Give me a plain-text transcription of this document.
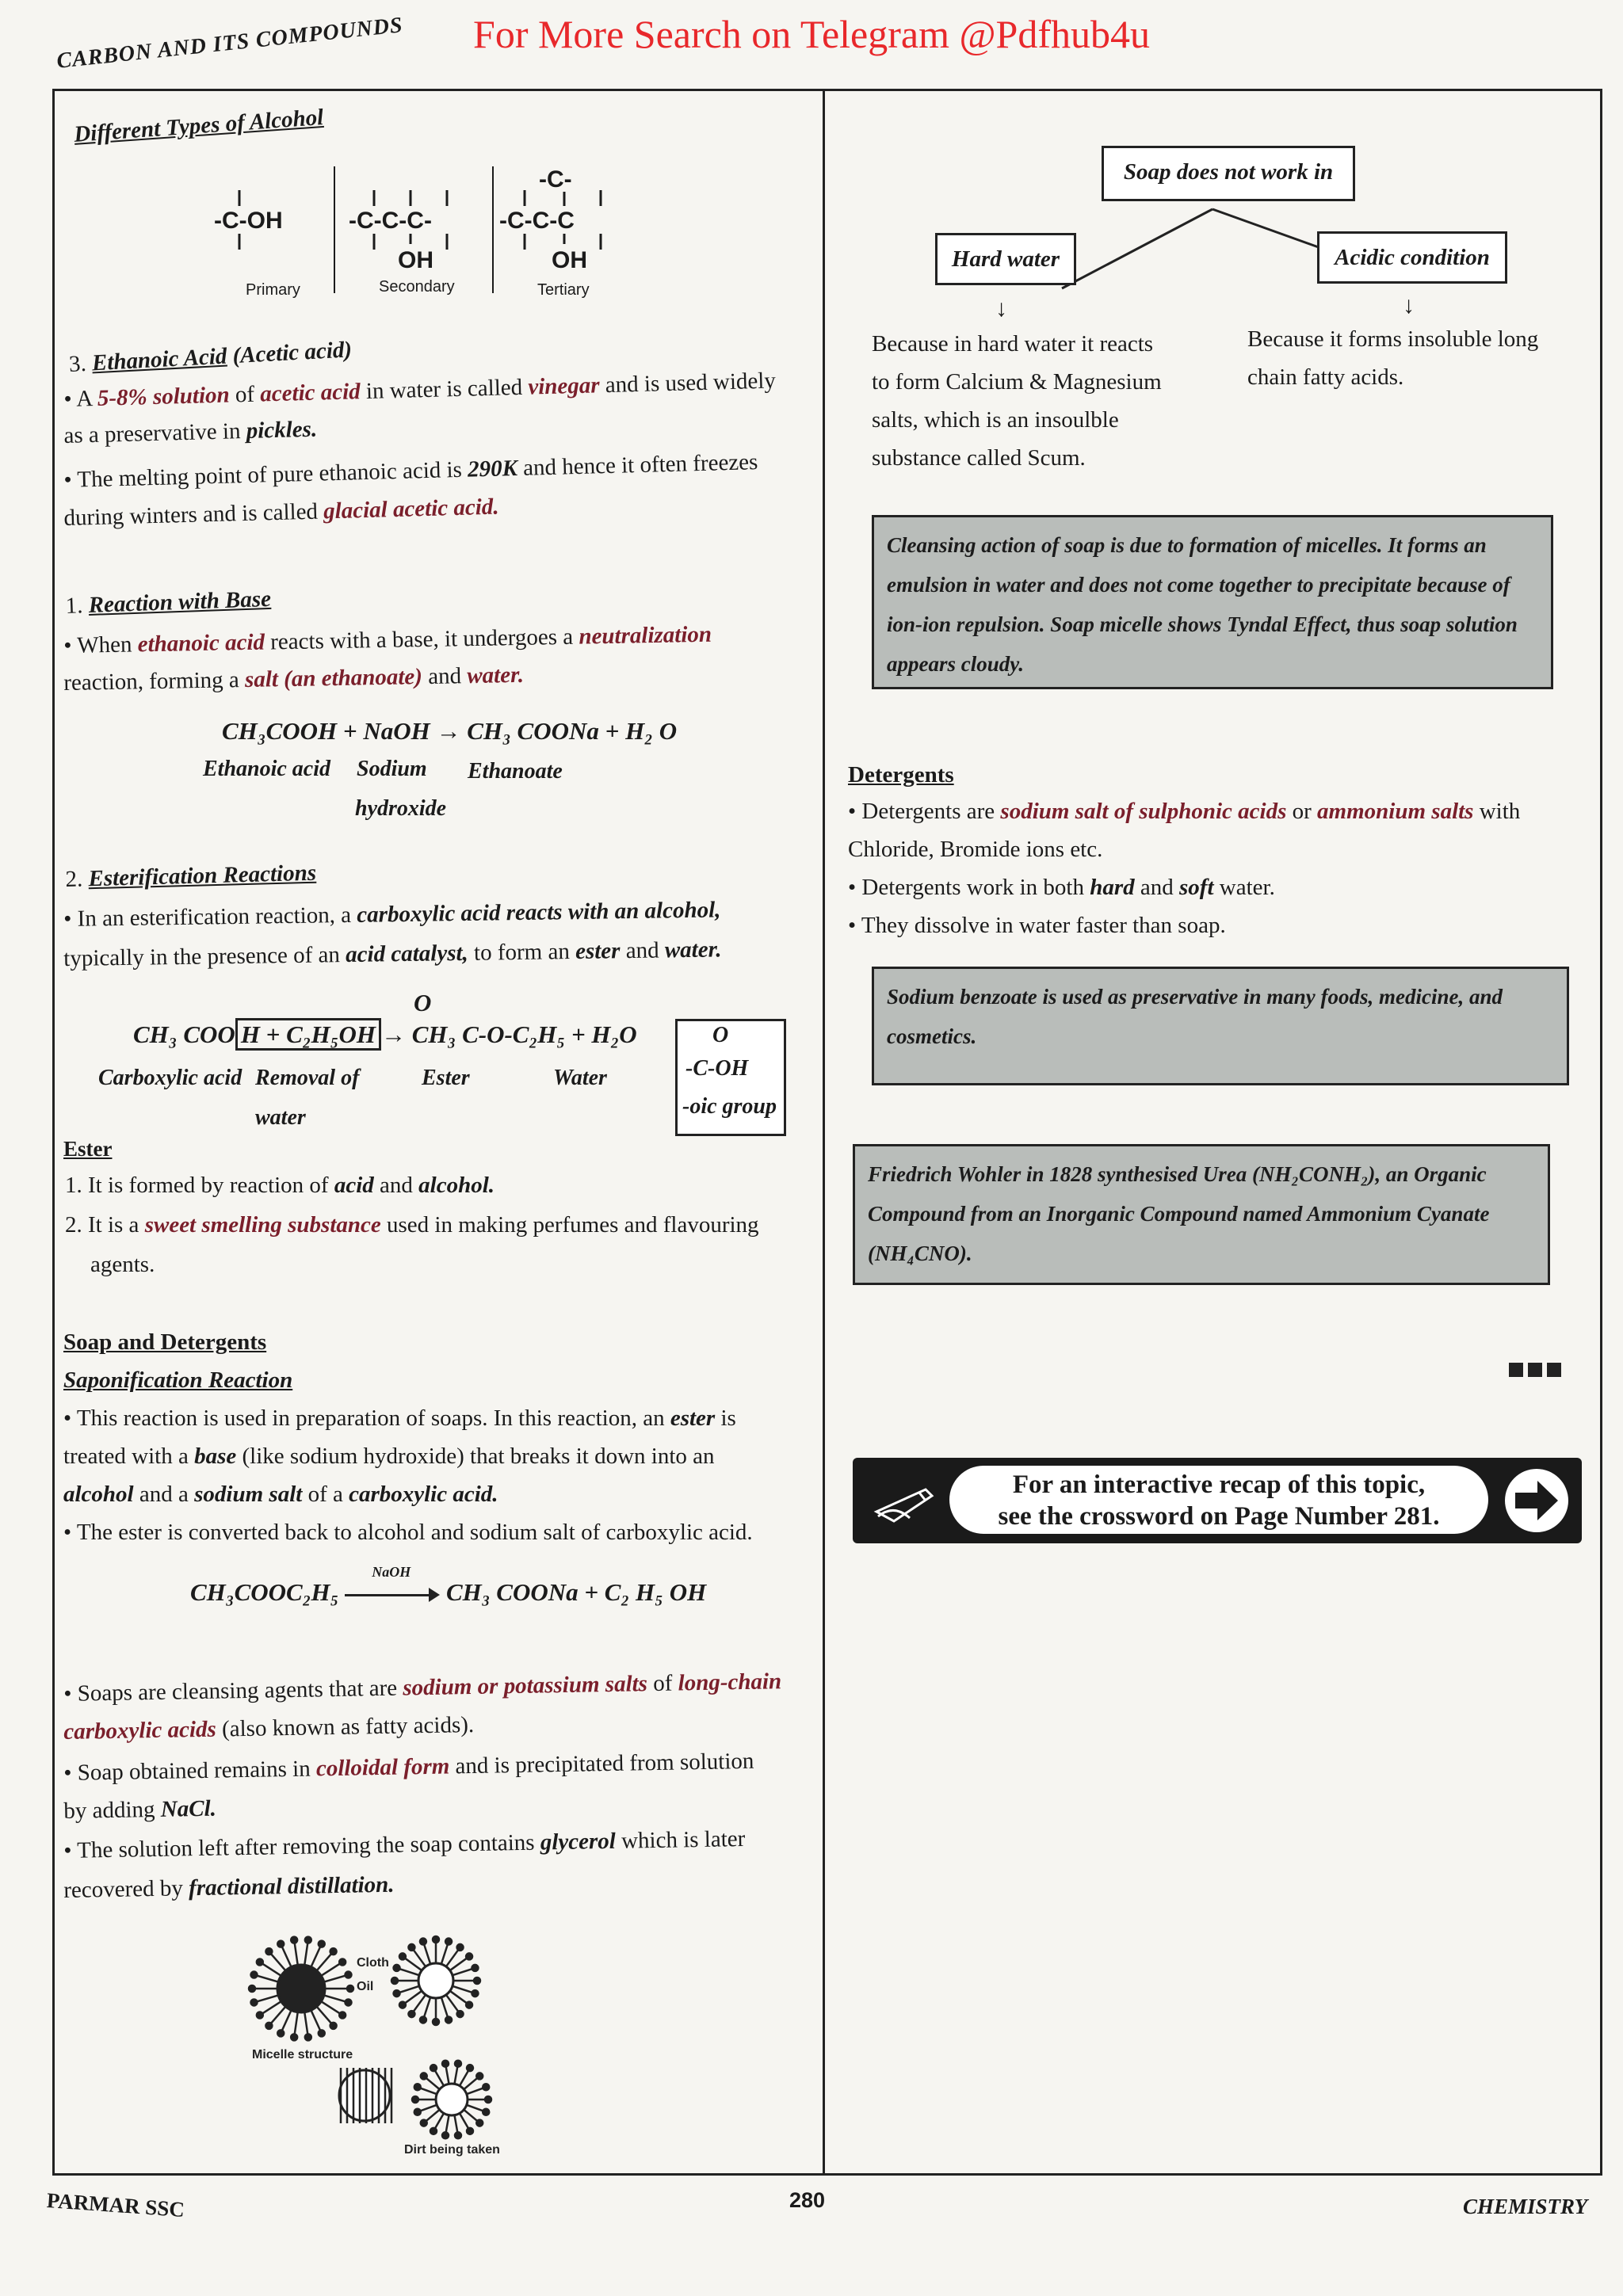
For More Search on Telegram @Pdfhub4u
CARBON AND ITS COMPOUNDS
Different Types of Alcohol
-C-OH	-C-C-C-
OH
-C-
-C-C-C
OH
Primary	Secondary	Tertiary
3. Ethanoic Acid (Acetic acid)
• A 5-8% solution of acetic acid in water is called vinegar and is used widely
as a preservative in pickles.
• The melting point of pure ethanoic acid is 290K and hence it often freezes
during winters and is called glacial acetic acid.
1. Reaction with Base
• When ethanoic acid reacts with a base, it undergoes a neutralization
reaction, forming a salt (an ethanoate) and water.
CH₃COOH + NaOH → CH₃ COONa + H₂ O
Ethanoic acid Sodium
hydroxide
Ethanoate
2. Esterification Reactions
• In an esterification reaction, a carboxylic acid reacts with an alcohol,
typically in the presence of an acid catalyst, to form an ester and water.
O
CH₃ COO H + C₂H₅OH → CH₃ C-O-C₂H₅ + H₂O
Carboxylic acid Removal of
water
Ester	Water
O
-C-OH
-oic group
Ester
1. It is formed by reaction of acid and alcohol.
2. It is a sweet smelling substance used in making perfumes and flavouring
agents.
Soap and Detergents
Saponification Reaction
• This reaction is used in preparation of soaps. In this reaction, an ester is
treated with a base (like sodium hydroxide) that breaks it down into an
alcohol and a sodium salt of a carboxylic acid.
• The ester is converted back to alcohol and sodium salt of carboxylic acid.
CH₃COOC₂H₅
NaOH
CH₃ COONa + C₂ H₅ OH
• Soaps are cleansing agents that are sodium or potassium salts of long-chain
carboxylic acids (also known as fatty acids).
• Soap obtained remains in colloidal form and is precipitated from solution
by adding NaCl.
• The solution left after removing the soap contains glycerol which is later
recovered by fractional distillation.
Micelle structure
Cloth
Oil
Dirt being taken
Soap does not work in
Hard water	Acidic condition
↓	↓
Because in hard water it reacts
to form Calcium & Magnesium
salts, which is an insoulble
substance called Scum.
Because it forms insoluble long
chain fatty acids.
Cleansing action of soap is due to formation of micelles. It forms an
emulsion in water and does not come together to precipitate because of
ion-ion repulsion. Soap micelle shows Tyndal Effect, thus soap solution
appears cloudy.
Detergents
• Detergents are sodium salt of sulphonic acids or ammonium salts with
Chloride, Bromide ions etc.
• Detergents work in both hard and soft water.
• They dissolve in water faster than soap.
Sodium benzoate is used as preservative in many foods, medicine, and
cosmetics.
Friedrich Wohler in 1828 synthesised Urea (NH₂CONH₂), an Organic
Compound from an Inorganic Compound named Ammonium Cyanate
(NH₄CNO).
For an interactive recap of this topic,
see the crossword on Page Number 281.
PARMAR SSC	280	CHEMISTRY
